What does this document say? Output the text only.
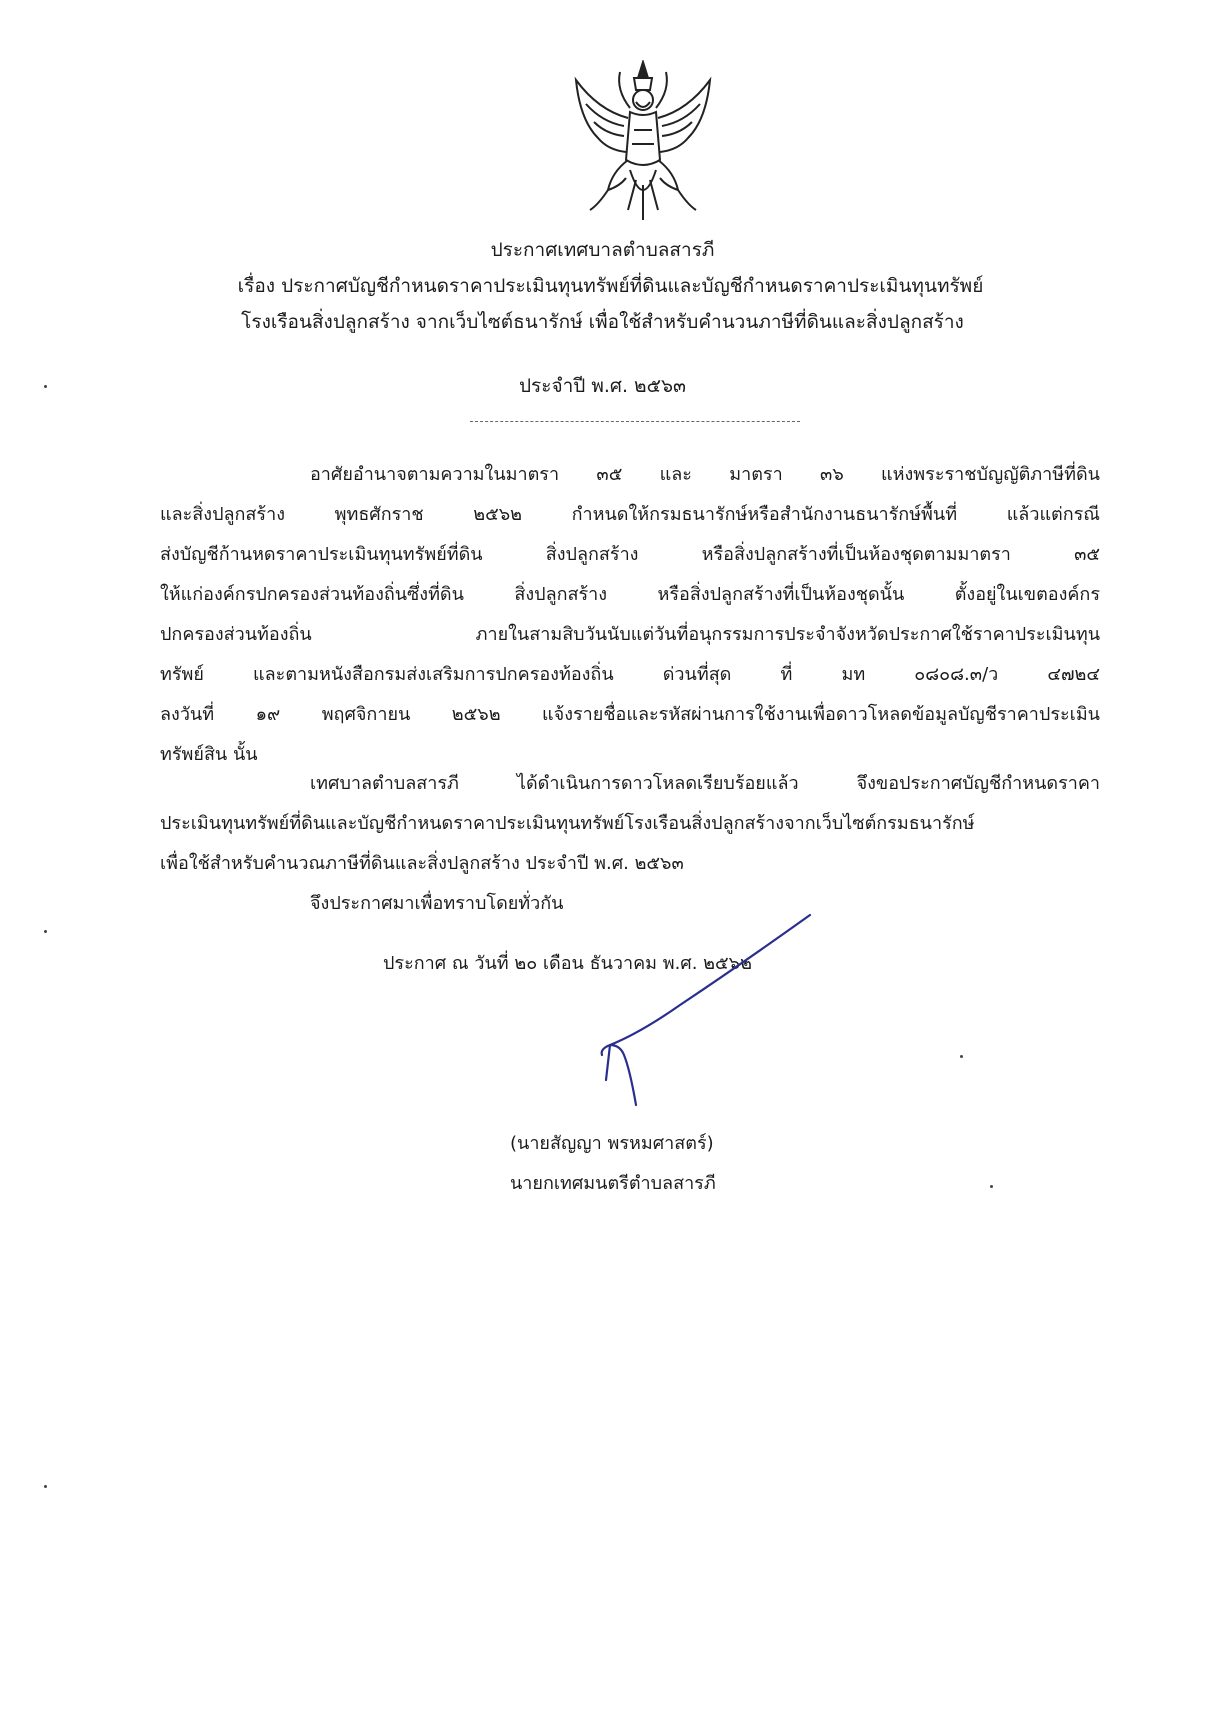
ประกาศเทศบาลตำบลสารภี
เรื่อง ประกาศบัญชีกำหนดราคาประเมินทุนทรัพย์ที่ดินและบัญชีกำหนดราคาประเมินทุนทรัพย์
โรงเรือนสิ่งปลูกสร้าง จากเว็บไซต์ธนารักษ์ เพื่อใช้สำหรับคำนวนภาษีที่ดินและสิ่งปลูกสร้าง
ประจำปี พ.ศ. ๒๕๖๓
อาศัยอำนาจตามความในมาตรา ๓๕ และ มาตรา ๓๖ แห่งพระราชบัญญัติภาษีที่ดิน
และสิ่งปลูกสร้าง พุทธศักราช ๒๕๖๒ กำหนดให้กรมธนารักษ์หรือสำนักงานธนารักษ์พื้นที่ แล้วแต่กรณี
ส่งบัญชีก้านหดราคาประเมินทุนทรัพย์ที่ดิน สิ่งปลูกสร้าง หรือสิ่งปลูกสร้างที่เป็นห้องชุดตามมาตรา ๓๕
ให้แก่องค์กรปกครองส่วนท้องถิ่นซึ่งที่ดิน สิ่งปลูกสร้าง หรือสิ่งปลูกสร้างที่เป็นห้องชุดนั้น ตั้งอยู่ในเขตองค์กร
ปกครองส่วนท้องถิ่น ภายในสามสิบวันนับแต่วันที่อนุกรรมการประจำจังหวัดประกาศใช้ราคาประเมินทุน
ทรัพย์ และตามหนังสือกรมส่งเสริมการปกครองท้องถิ่น ด่วนที่สุด ที่ มท ๐๘๐๘.๓/ว ๔๗๒๔
ลงวันที่ ๑๙ พฤศจิกายน ๒๕๖๒ แจ้งรายชื่อและรหัสผ่านการใช้งานเพื่อดาวโหลดข้อมูลบัญชีราคาประเมิน
ทรัพย์สิน นั้น
เทศบาลตำบลสารภี ได้ดำเนินการดาวโหลดเรียบร้อยแล้ว จึงขอประกาศบัญชีกำหนดราคา
ประเมินทุนทรัพย์ที่ดินและบัญชีกำหนดราคาประเมินทุนทรัพย์โรงเรือนสิ่งปลูกสร้างจากเว็บไซต์กรมธนารักษ์
เพื่อใช้สำหรับคำนวณภาษีที่ดินและสิ่งปลูกสร้าง ประจำปี พ.ศ. ๒๕๖๓
จึงประกาศมาเพื่อทราบโดยทั่วกัน
ประกาศ ณ วันที่ ๒๐ เดือน ธันวาคม พ.ศ. ๒๕๖๒
(นายสัญญา พรหมศาสตร์)
นายกเทศมนตรีตำบลสารภี
